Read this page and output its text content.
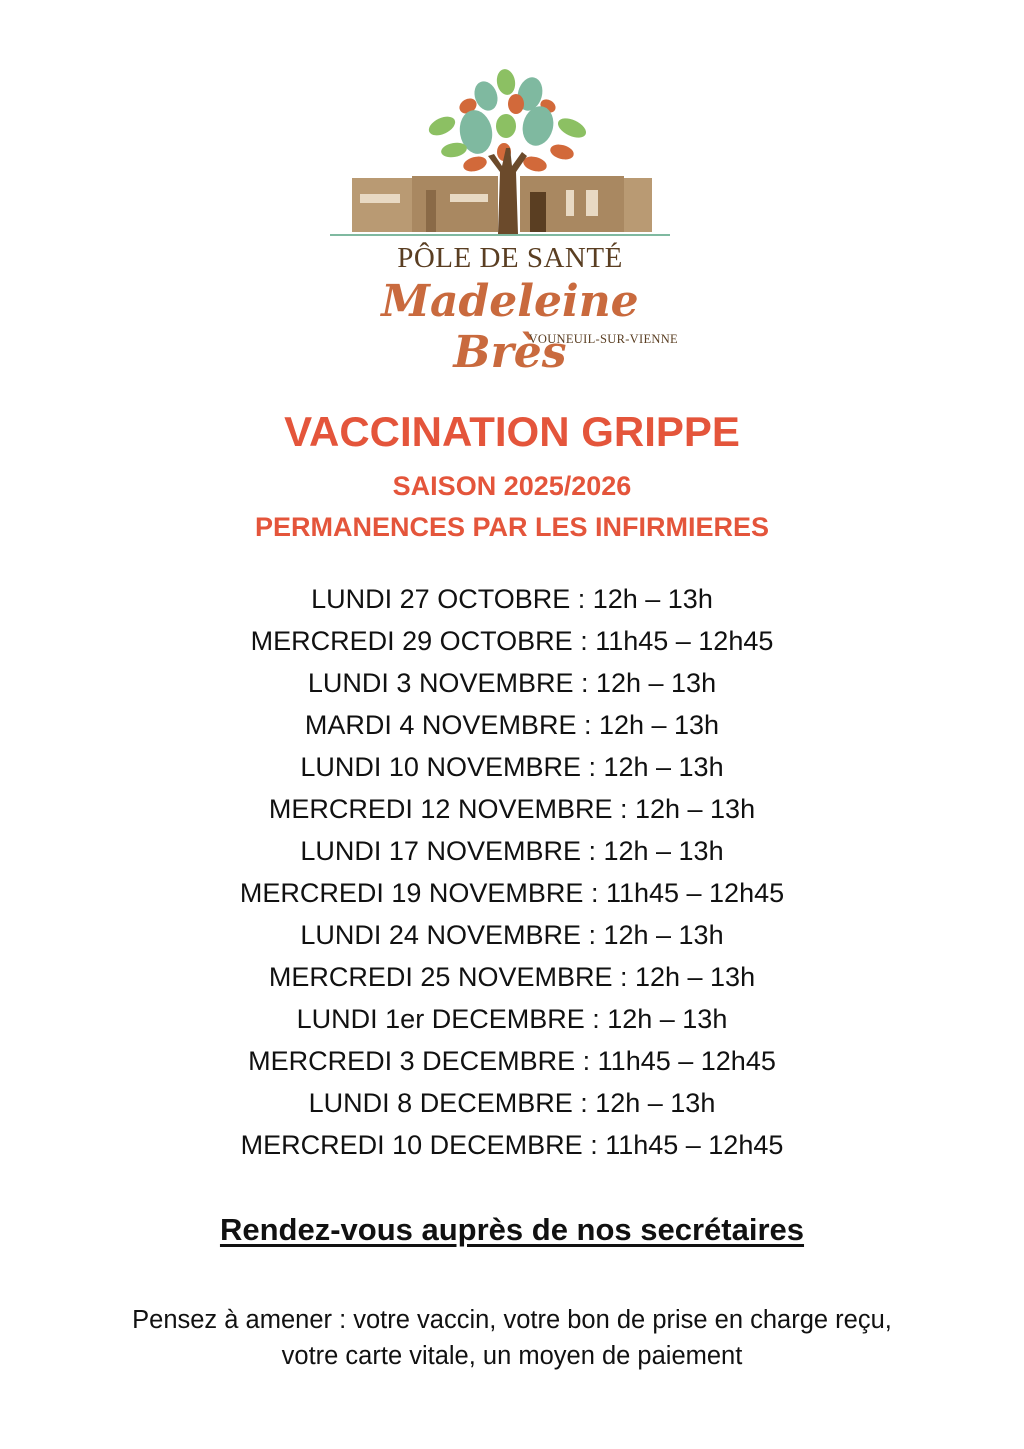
PÔLE DE SANTÉ
Madeleine Brès
VOUNEUIL-SUR-VIENNE
VACCINATION GRIPPE
SAISON 2025/2026
PERMANENCES PAR LES INFIRMIERES
LUNDI 27 OCTOBRE : 12h – 13h
MERCREDI 29 OCTOBRE : 11h45 – 12h45
LUNDI 3 NOVEMBRE : 12h – 13h
MARDI 4 NOVEMBRE : 12h – 13h
LUNDI 10 NOVEMBRE : 12h – 13h
MERCREDI 12 NOVEMBRE : 12h – 13h
LUNDI 17 NOVEMBRE : 12h – 13h
MERCREDI 19 NOVEMBRE : 11h45 – 12h45
LUNDI 24 NOVEMBRE : 12h – 13h
MERCREDI 25 NOVEMBRE : 12h – 13h
LUNDI 1er DECEMBRE : 12h – 13h
MERCREDI 3 DECEMBRE : 11h45 – 12h45
LUNDI 8 DECEMBRE : 12h – 13h
MERCREDI 10 DECEMBRE : 11h45 – 12h45
Rendez-vous auprès de nos secrétaires
Pensez à amener : votre vaccin, votre bon de prise en charge reçu,
votre carte vitale, un moyen de paiement
